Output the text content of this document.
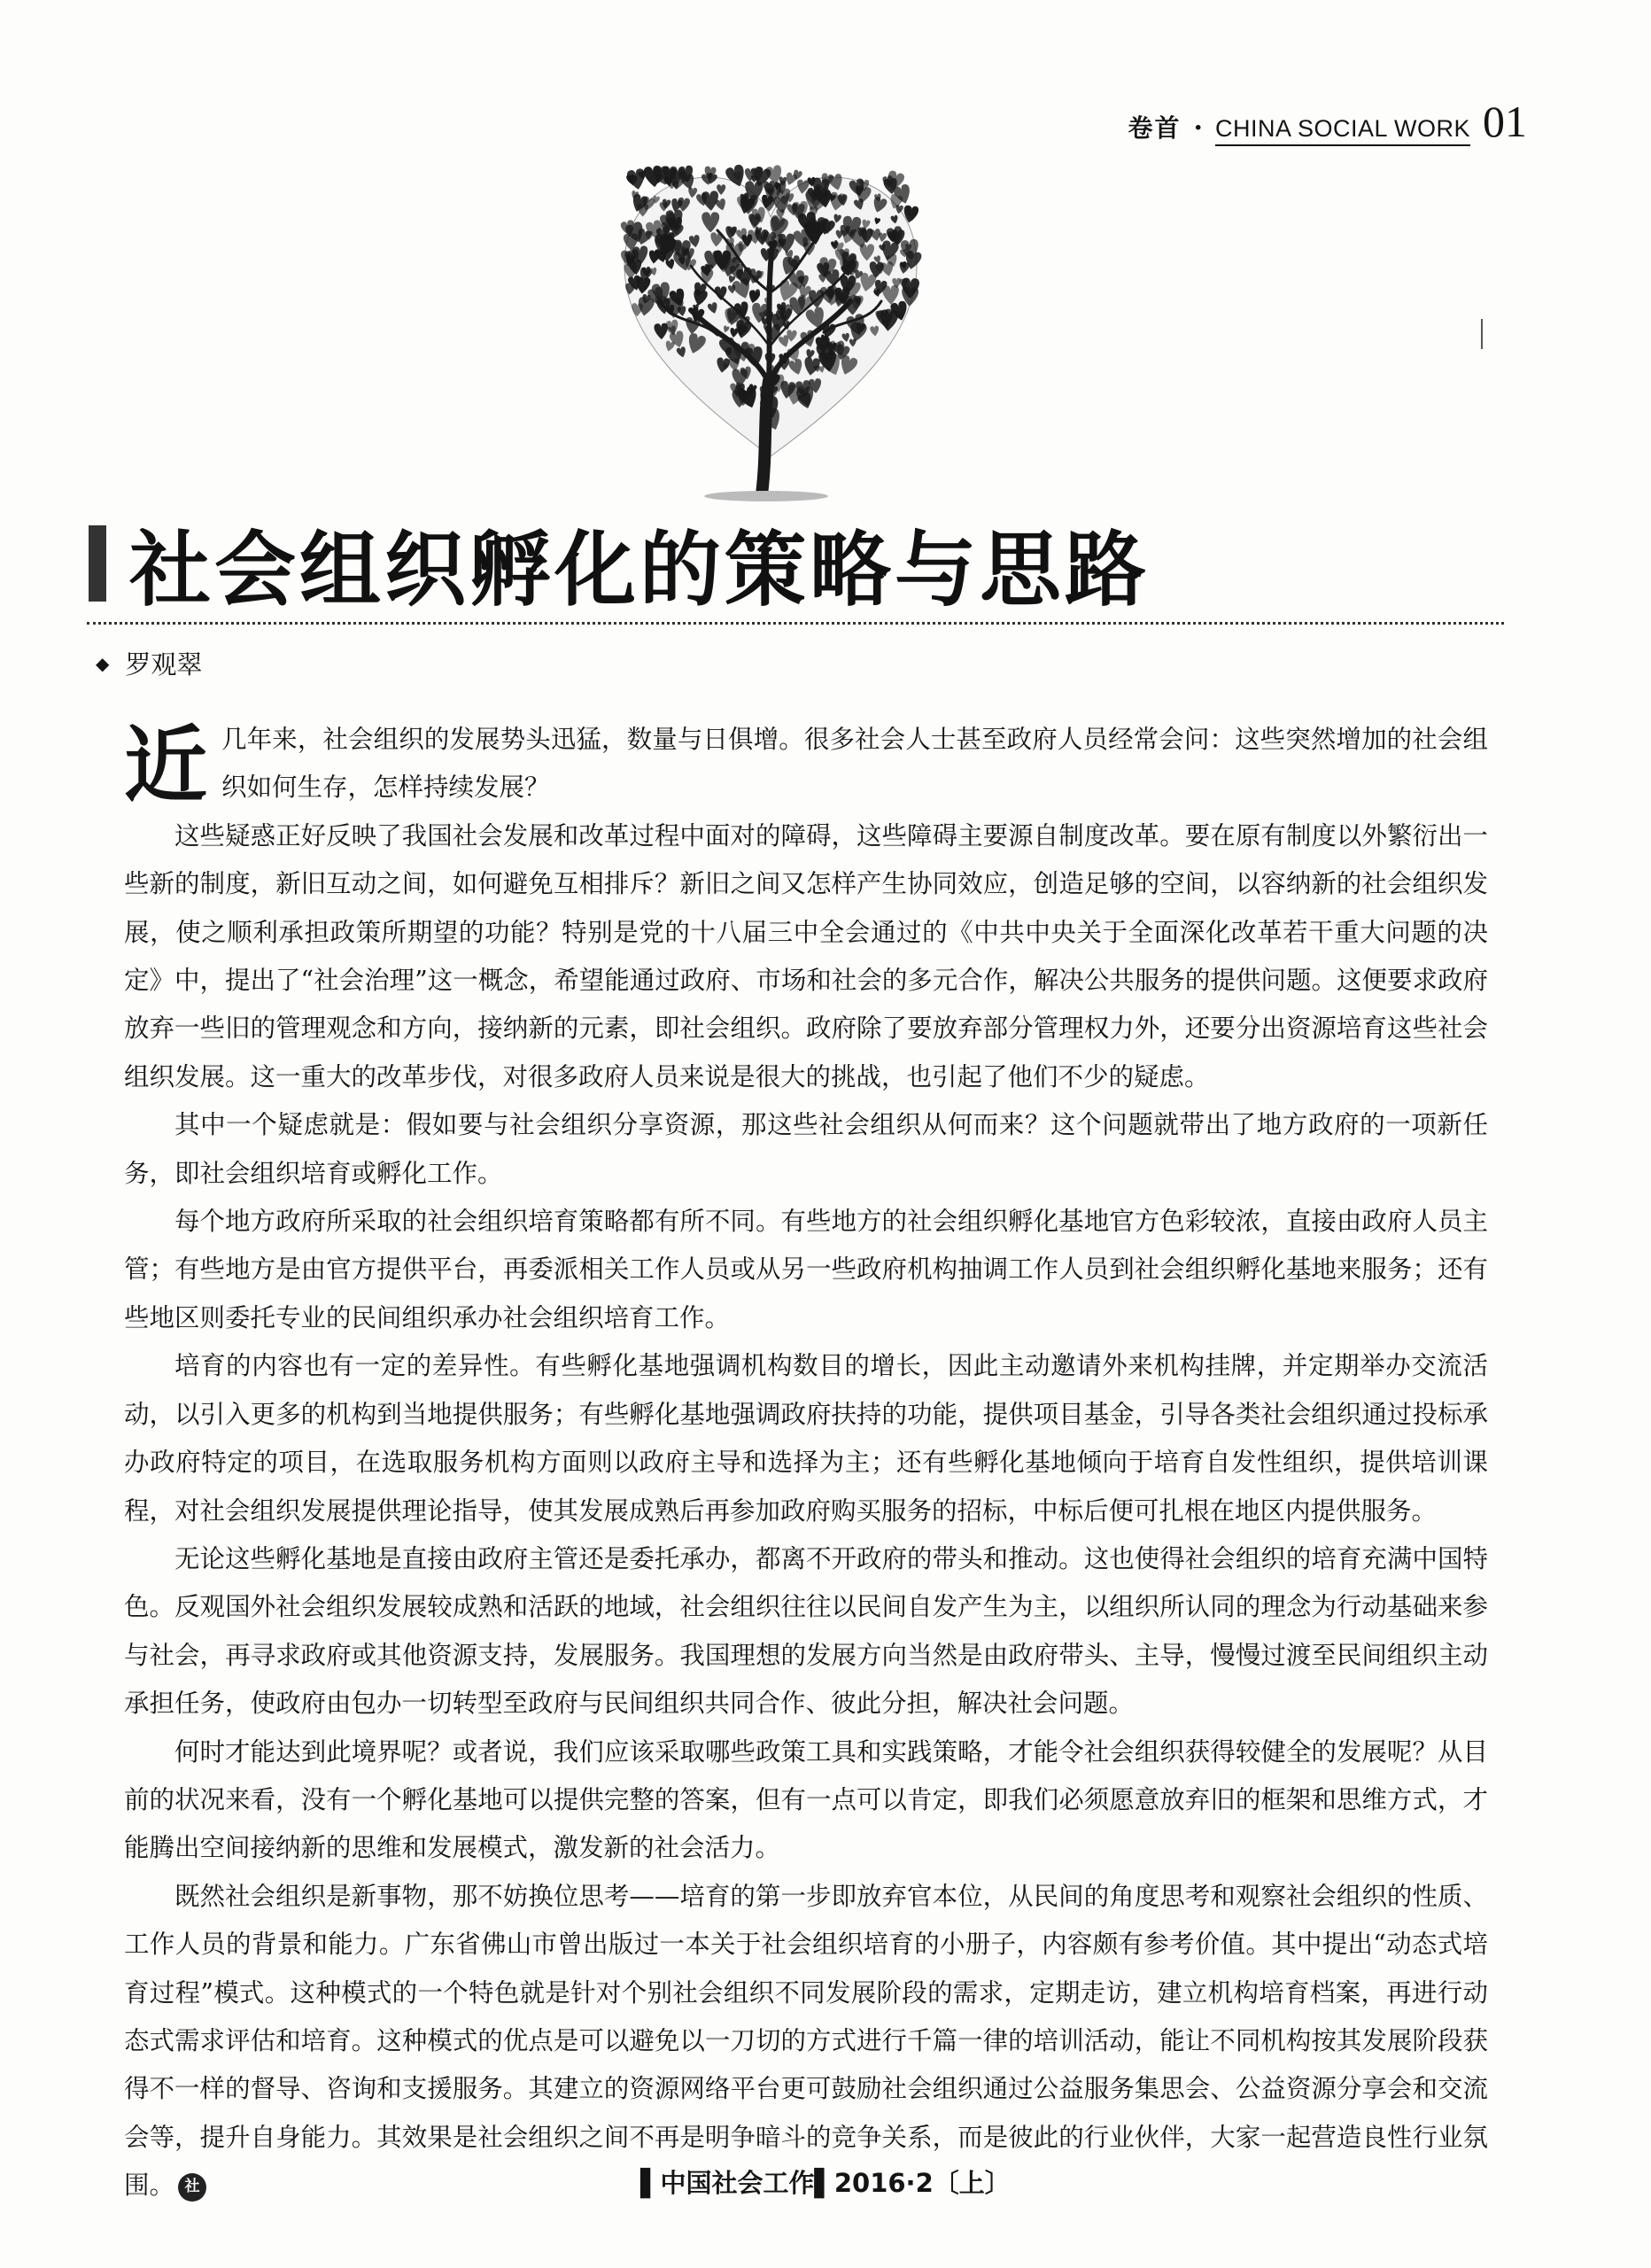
卷首 · CHINA SOCIAL WORK 01
社会组织孵化的策略与思路
◆ 罗观翠

近几年来，社会组织的发展势头迅猛，数量与日俱增。很多社会人士甚至政府人员经常会问：这些突然增加的社会组织如何生存，怎样持续发展？

这些疑惑正好反映了我国社会发展和改革过程中面对的障碍，这些障碍主要源自制度改革。要在原有制度以外繁衍出一些新的制度，新旧互动之间，如何避免互相排斥？新旧之间又怎样产生协同效应，创造足够的空间，以容纳新的社会组织发展，使之顺利承担政策所期望的功能？特别是党的十八届三中全会通过的《中共中央关于全面深化改革若干重大问题的决定》中，提出了“社会治理”这一概念，希望能通过政府、市场和社会的多元合作，解决公共服务的提供问题。这便要求政府放弃一些旧的管理观念和方向，接纳新的元素，即社会组织。政府除了要放弃部分管理权力外，还要分出资源培育这些社会组织发展。这一重大的改革步伐，对很多政府人员来说是很大的挑战，也引起了他们不少的疑虑。

其中一个疑虑就是：假如要与社会组织分享资源，那这些社会组织从何而来？这个问题就带出了地方政府的一项新任务，即社会组织培育或孵化工作。

每个地方政府所采取的社会组织培育策略都有所不同。有些地方的社会组织孵化基地官方色彩较浓，直接由政府人员主管；有些地方是由官方提供平台，再委派相关工作人员或从另一些政府机构抽调工作人员到社会组织孵化基地来服务；还有些地区则委托专业的民间组织承办社会组织培育工作。

培育的内容也有一定的差异性。有些孵化基地强调机构数目的增长，因此主动邀请外来机构挂牌，并定期举办交流活动，以引入更多的机构到当地提供服务；有些孵化基地强调政府扶持的功能，提供项目基金，引导各类社会组织通过投标承办政府特定的项目，在选取服务机构方面则以政府主导和选择为主；还有些孵化基地倾向于培育自发性组织，提供培训课程，对社会组织发展提供理论指导，使其发展成熟后再参加政府购买服务的招标，中标后便可扎根在地区内提供服务。

无论这些孵化基地是直接由政府主管还是委托承办，都离不开政府的带头和推动。这也使得社会组织的培育充满中国特色。反观国外社会组织发展较成熟和活跃的地域，社会组织往往以民间自发产生为主，以组织所认同的理念为行动基础来参与社会，再寻求政府或其他资源支持，发展服务。我国理想的发展方向当然是由政府带头、主导，慢慢过渡至民间组织主动承担任务，使政府由包办一切转型至政府与民间组织共同合作、彼此分担，解决社会问题。

何时才能达到此境界呢？或者说，我们应该采取哪些政策工具和实践策略，才能令社会组织获得较健全的发展呢？从目前的状况来看，没有一个孵化基地可以提供完整的答案，但有一点可以肯定，即我们必须愿意放弃旧的框架和思维方式，才能腾出空间接纳新的思维和发展模式，激发新的社会活力。

既然社会组织是新事物，那不妨换位思考——培育的第一步即放弃官本位，从民间的角度思考和观察社会组织的性质、工作人员的背景和能力。广东省佛山市曾出版过一本关于社会组织培育的小册子，内容颇有参考价值。其中提出“动态式培育过程”模式。这种模式的一个特色就是针对个别社会组织不同发展阶段的需求，定期走访，建立机构培育档案，再进行动态式需求评估和培育。这种模式的优点是可以避免以一刀切的方式进行千篇一律的培训活动，能让不同机构按其发展阶段获得不一样的督导、咨询和支援服务。其建立的资源网络平台更可鼓励社会组织通过公益服务集思会、公益资源分享会和交流会等，提升自身能力。其效果是社会组织之间不再是明争暗斗的竞争关系，而是彼此的行业伙伴，大家一起营造良性行业氛围。 社	▌中国社会工作▌2016·2〔上〕
